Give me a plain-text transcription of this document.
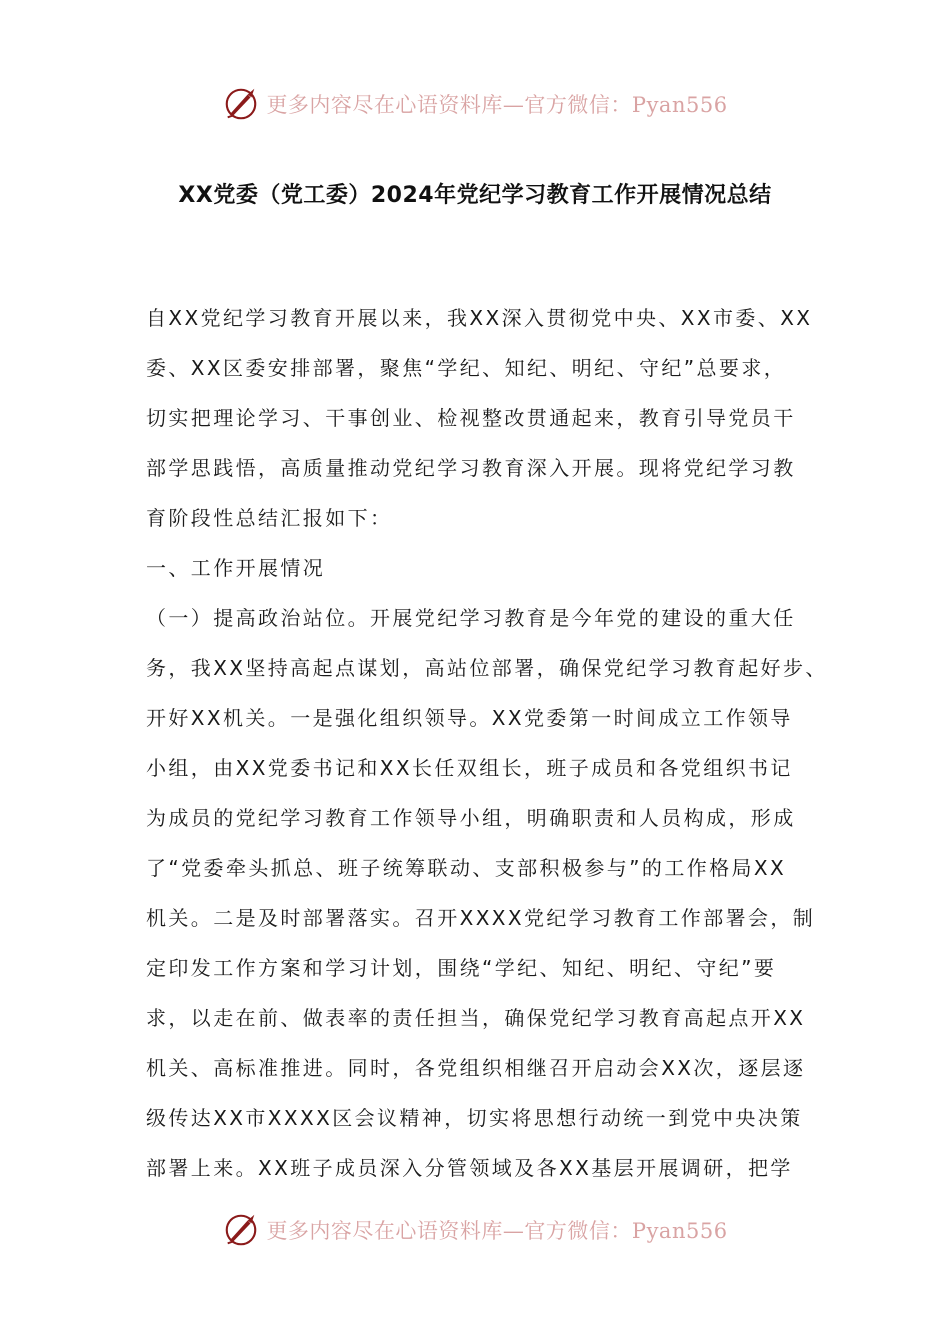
更多内容尽在心语资料库—官方微信：Pyan556
XX党委（党工委）2024年党纪学习教育工作开展情况总结
自XX党纪学习教育开展以来，我XX深入贯彻党中央、XX市委、XX
委、XX区委安排部署，聚焦“学纪、知纪、明纪、守纪”总要求，
切实把理论学习、干事创业、检视整改贯通起来，教育引导党员干
部学思践悟，高质量推动党纪学习教育深入开展。现将党纪学习教
育阶段性总结汇报如下：
一、工作开展情况
（一）提高政治站位。开展党纪学习教育是今年党的建设的重大任
务，我XX坚持高起点谋划，高站位部署，确保党纪学习教育起好步、
开好XX机关。一是强化组织领导。XX党委第一时间成立工作领导
小组，由XX党委书记和XX长任双组长，班子成员和各党组织书记
为成员的党纪学习教育工作领导小组，明确职责和人员构成，形成
了“党委牵头抓总、班子统筹联动、支部积极参与”的工作格局XX
机关。二是及时部署落实。召开XXXX党纪学习教育工作部署会，制
定印发工作方案和学习计划，围绕“学纪、知纪、明纪、守纪”要
求，以走在前、做表率的责任担当，确保党纪学习教育高起点开XX
机关、高标准推进。同时，各党组织相继召开启动会XX次，逐层逐
级传达XX市XXXX区会议精神，切实将思想行动统一到党中央决策
部署上来。XX班子成员深入分管领域及各XX基层开展调研，把学
更多内容尽在心语资料库—官方微信：Pyan556
